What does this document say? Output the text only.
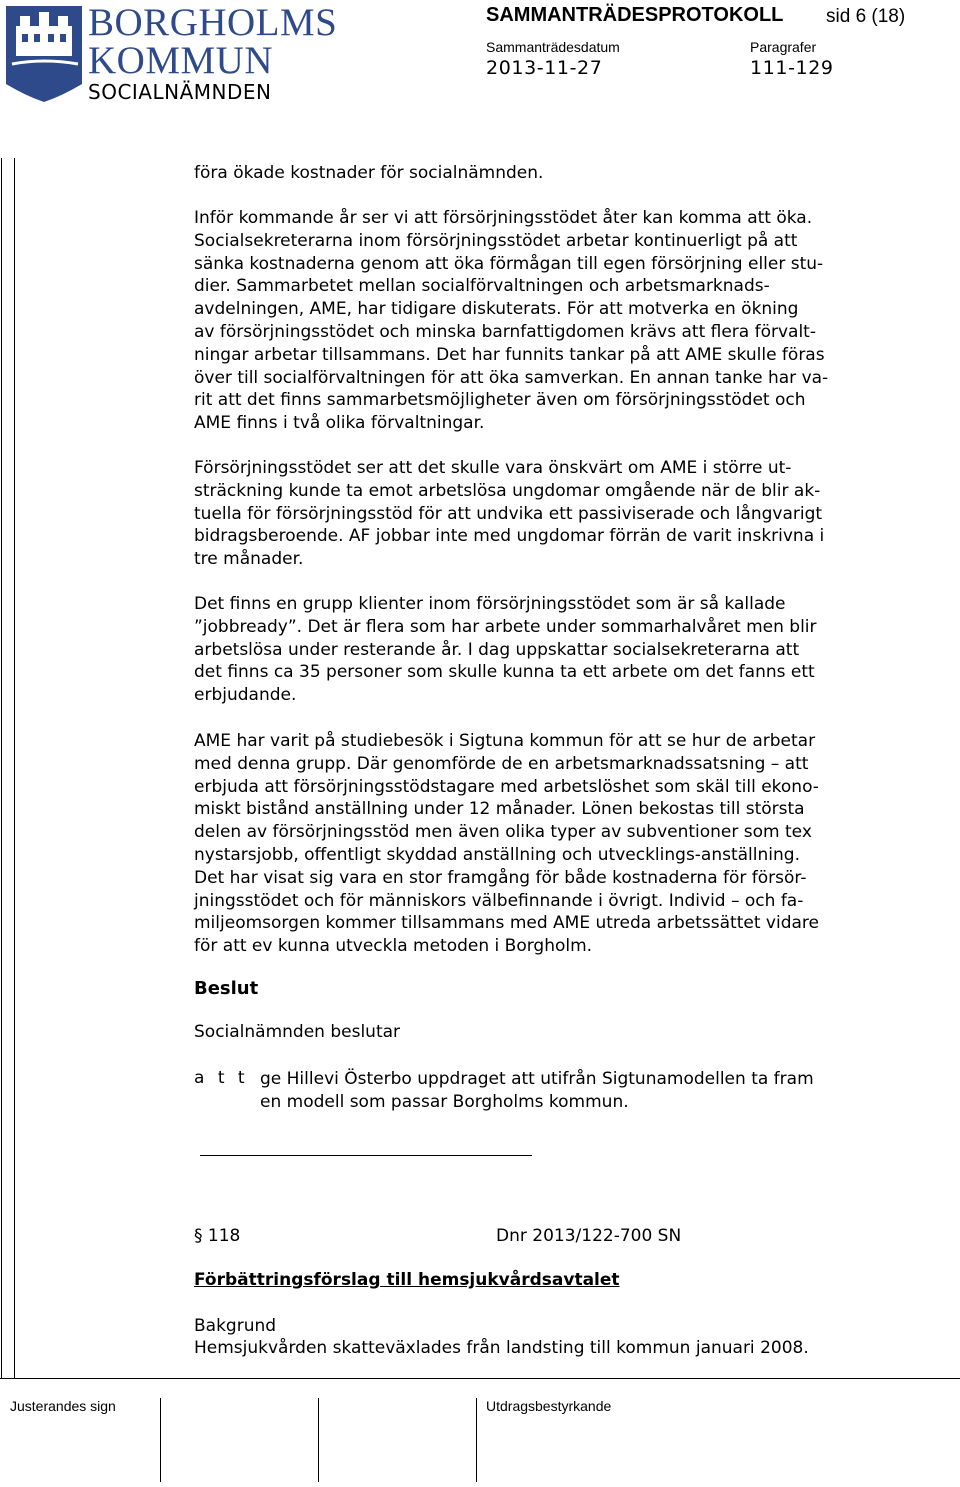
BORGHOLMS
KOMMUN
SOCIALNÄMNDEN
SAMMANTRÄDESPROTOKOLL sid 6 (18)
Sammanträdesdatum
2013-11-27
Paragrafer
111-129

föra ökade kostnader för socialnämnden.

Inför kommande år ser vi att försörjningsstödet åter kan komma att öka.

Socialsekreterarna inom försörjningsstödet arbetar kontinuerligt på att

sänka kostnaderna genom att öka förmågan till egen försörjning eller stu-

dier. Sammarbetet mellan socialförvaltningen och arbetsmarknads-

avdelningen, AME, har tidigare diskuterats. För att motverka en ökning

av försörjningsstödet och minska barnfattigdomen krävs att flera förvalt-

ningar arbetar tillsammans. Det har funnits tankar på att AME skulle föras

över till socialförvaltningen för att öka samverkan. En annan tanke har va-

rit att det finns sammarbetsmöjligheter även om försörjningsstödet och

AME finns i två olika förvaltningar.

Försörjningsstödet ser att det skulle vara önskvärt om AME i större ut-

sträckning kunde ta emot arbetslösa ungdomar omgående när de blir ak-

tuella för försörjningsstöd för att undvika ett passiviserade och långvarigt

bidragsberoende. AF jobbar inte med ungdomar förrän de varit inskrivna i

tre månader.

Det finns en grupp klienter inom försörjningsstödet som är så kallade

”jobbready”. Det är flera som har arbete under sommarhalvåret men blir

arbetslösa under resterande år. I dag uppskattar socialsekreterarna att

det finns ca 35 personer som skulle kunna ta ett arbete om det fanns ett

erbjudande.

AME har varit på studiebesök i Sigtuna kommun för att se hur de arbetar

med denna grupp. Där genomförde de en arbetsmarknadssatsning – att

erbjuda att försörjningsstödstagare med arbetslöshet som skäl till ekono-

miskt bistånd anställning under 12 månader. Lönen bekostas till största

delen av försörjningsstöd men även olika typer av subventioner som tex

nystarsjobb, offentligt skyddad anställning och utvecklings-anställning.

Det har visat sig vara en stor framgång för både kostnaderna för försör-

jningsstödet och för människors välbefinnande i övrigt. Individ – och fa-

miljeomsorgen kommer tillsammans med AME utreda arbetssättet vidare

för att ev kunna utveckla metoden i Borgholm.

Beslut
Socialnämnden beslutar
a t t ge Hillevi Österbo uppdraget att utifrån Sigtunamodellen ta fram
en modell som passar Borgholms kommun.
§ 118	Dnr 2013/122-700 SN
Förbättringsförslag till hemsjukvårdsavtalet
Bakgrund
Hemsjukvården skatteväxlades från landsting till kommun januari 2008.
Justerandes sign	Utdragsbestyrkande
